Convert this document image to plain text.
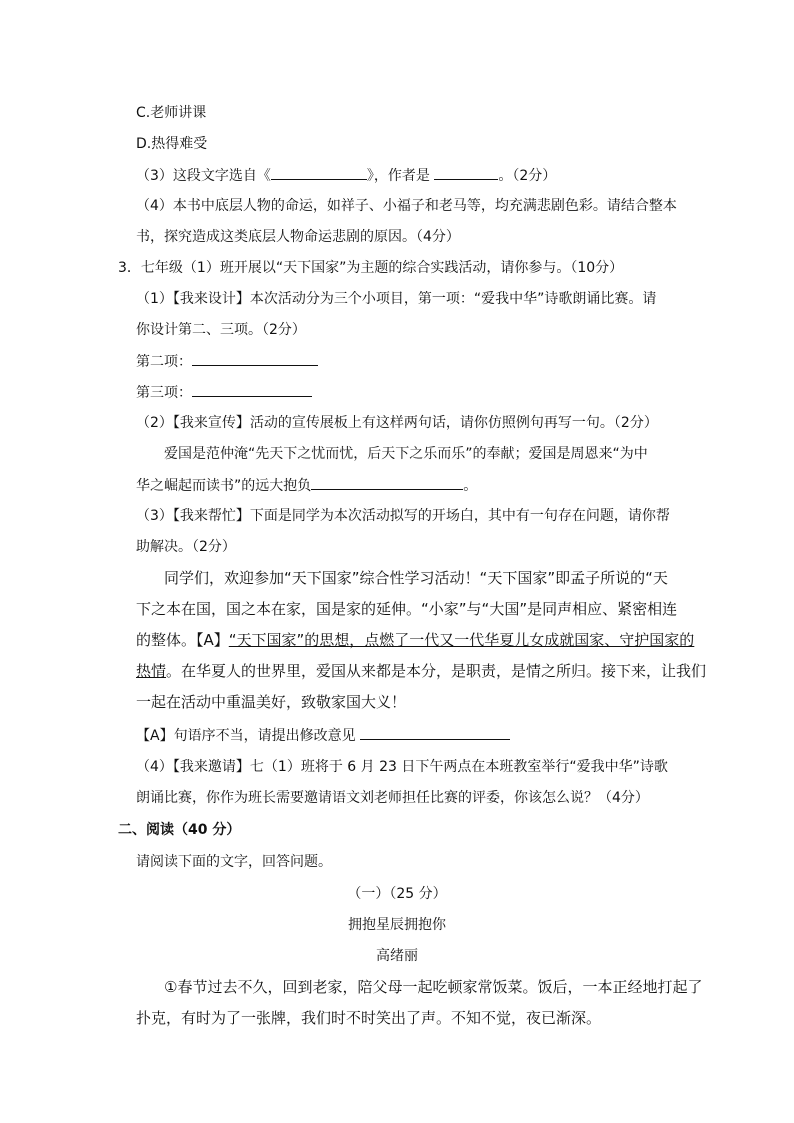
C.老师讲课
D.热得难受
（3）这段文字选自《	》，作者是	。（2分）
（4）本书中底层人物的命运，如祥子、小福子和老马等，均充满悲剧色彩。请结合整本
书，探究造成这类底层人物命运悲剧的原因。（4分）
3．七年级（1）班开展以“天下国家”为主题的综合实践活动，请你参与。（10分）
（1）【我来设计】本次活动分为三个小项目，第一项：“爱我中华”诗歌朗诵比赛。请
你设计第二、三项。（2分）
第二项：
第三项：
（2）【我来宣传】活动的宣传展板上有这样两句话，请你仿照例句再写一句。（2分）
爱国是范仲淹“先天下之忧而忧，后天下之乐而乐”的奉献；爱国是周恩来“为中
华之崛起而读书”的远大抱负	。
（3）【我来帮忙】下面是同学为本次活动拟写的开场白，其中有一句存在问题，请你帮
助解决。（2分）
同学们，欢迎参加“天下国家”综合性学习活动！“天下国家”即孟子所说的“天
下之本在国，国之本在家，国是家的延伸。“小家”与“大国”是同声相应、紧密相连
的整体。【A】“天下国家”的思想，点燃了一代又一代华夏儿女成就国家、守护国家的
热情。在华夏人的世界里，爱国从来都是本分，是职责，是情之所归。接下来，让我们
一起在活动中重温美好，致敬家国大义！
【A】句语序不当，请提出修改意见
（4）【我来邀请】七（1）班将于 6 月 23 日下午两点在本班教室举行“爱我中华”诗歌
朗诵比赛，你作为班长需要邀请语文刘老师担任比赛的评委，你该怎么说？（4分）
二、阅读（40 分）
请阅读下面的文字，回答问题。
（一）（25 分）
拥抱星辰拥抱你
高绪丽
①春节过去不久，回到老家，陪父母一起吃顿家常饭菜。饭后，一本正经地打起了
扑克，有时为了一张牌，我们时不时笑出了声。不知不觉，夜已渐深。
